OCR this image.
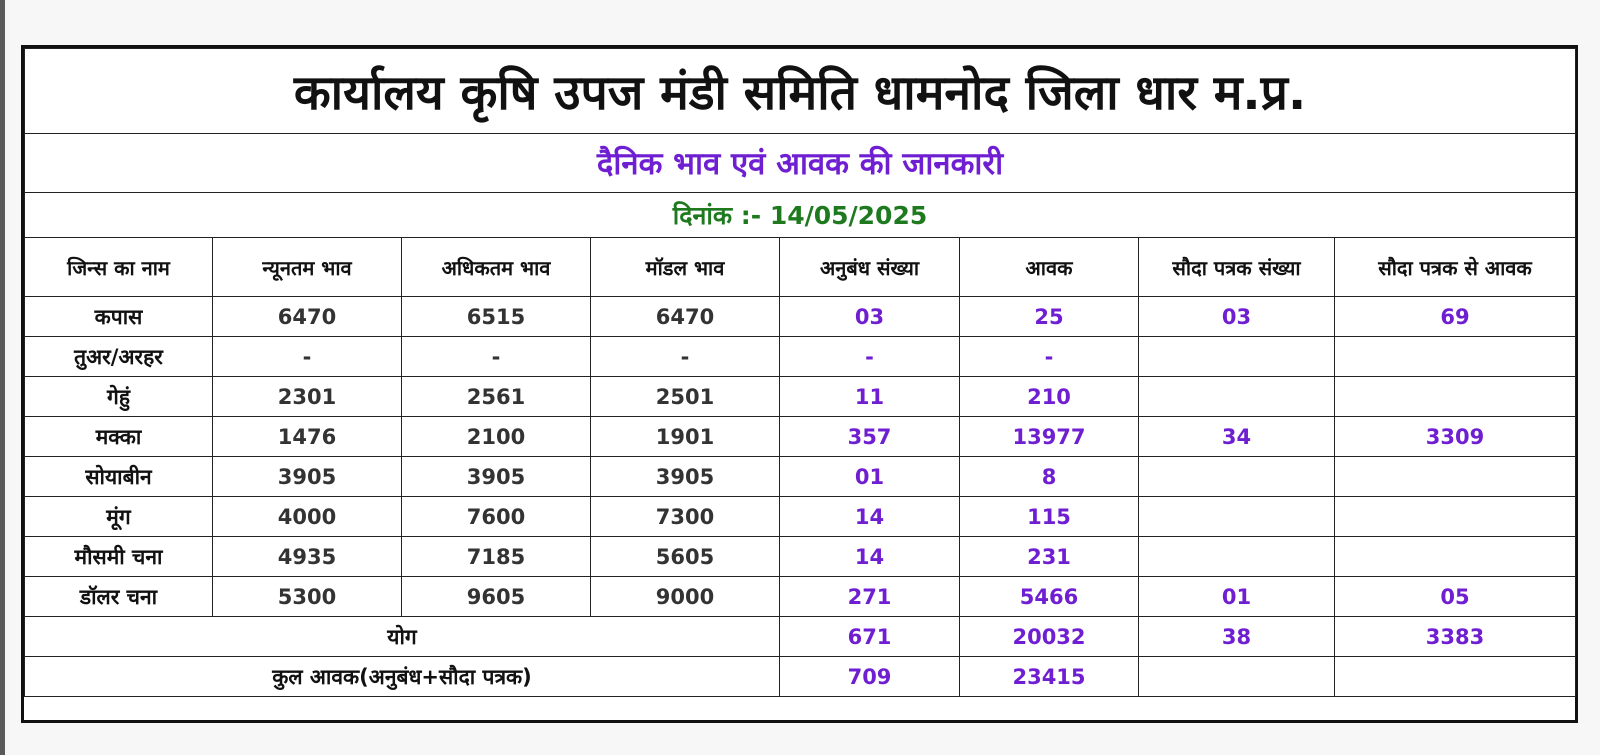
कार्यालय कृषि उपज मंडी समिति धामनोद जिला धार म.प्र.							
दैनिक भाव एवं आवक की जानकारी							
दिनांक :- 14/05/2025							
जिन्स का नाम	न्यूनतम भाव	अधिकतम भाव	मॉडल भाव	अनुबंध संख्या	आवक	सौदा पत्रक संख्या	सौदा पत्रक से आवक
कपास	6470	6515	6470	03	25	03	69
तुअर/अरहर	-	-	-	-	-		
गेहुं	2301	2561	2501	11	210		
मक्का	1476	2100	1901	357	13977	34	3309
सोयाबीन	3905	3905	3905	01	8		
मूंग	4000	7600	7300	14	115		
मौसमी चना	4935	7185	5605	14	231		
डॉलर चना	5300	9605	9000	271	5466	01	05
योग				671	20032	38	3383
कुल आवक(अनुबंध+सौदा पत्रक)				709	23415		
